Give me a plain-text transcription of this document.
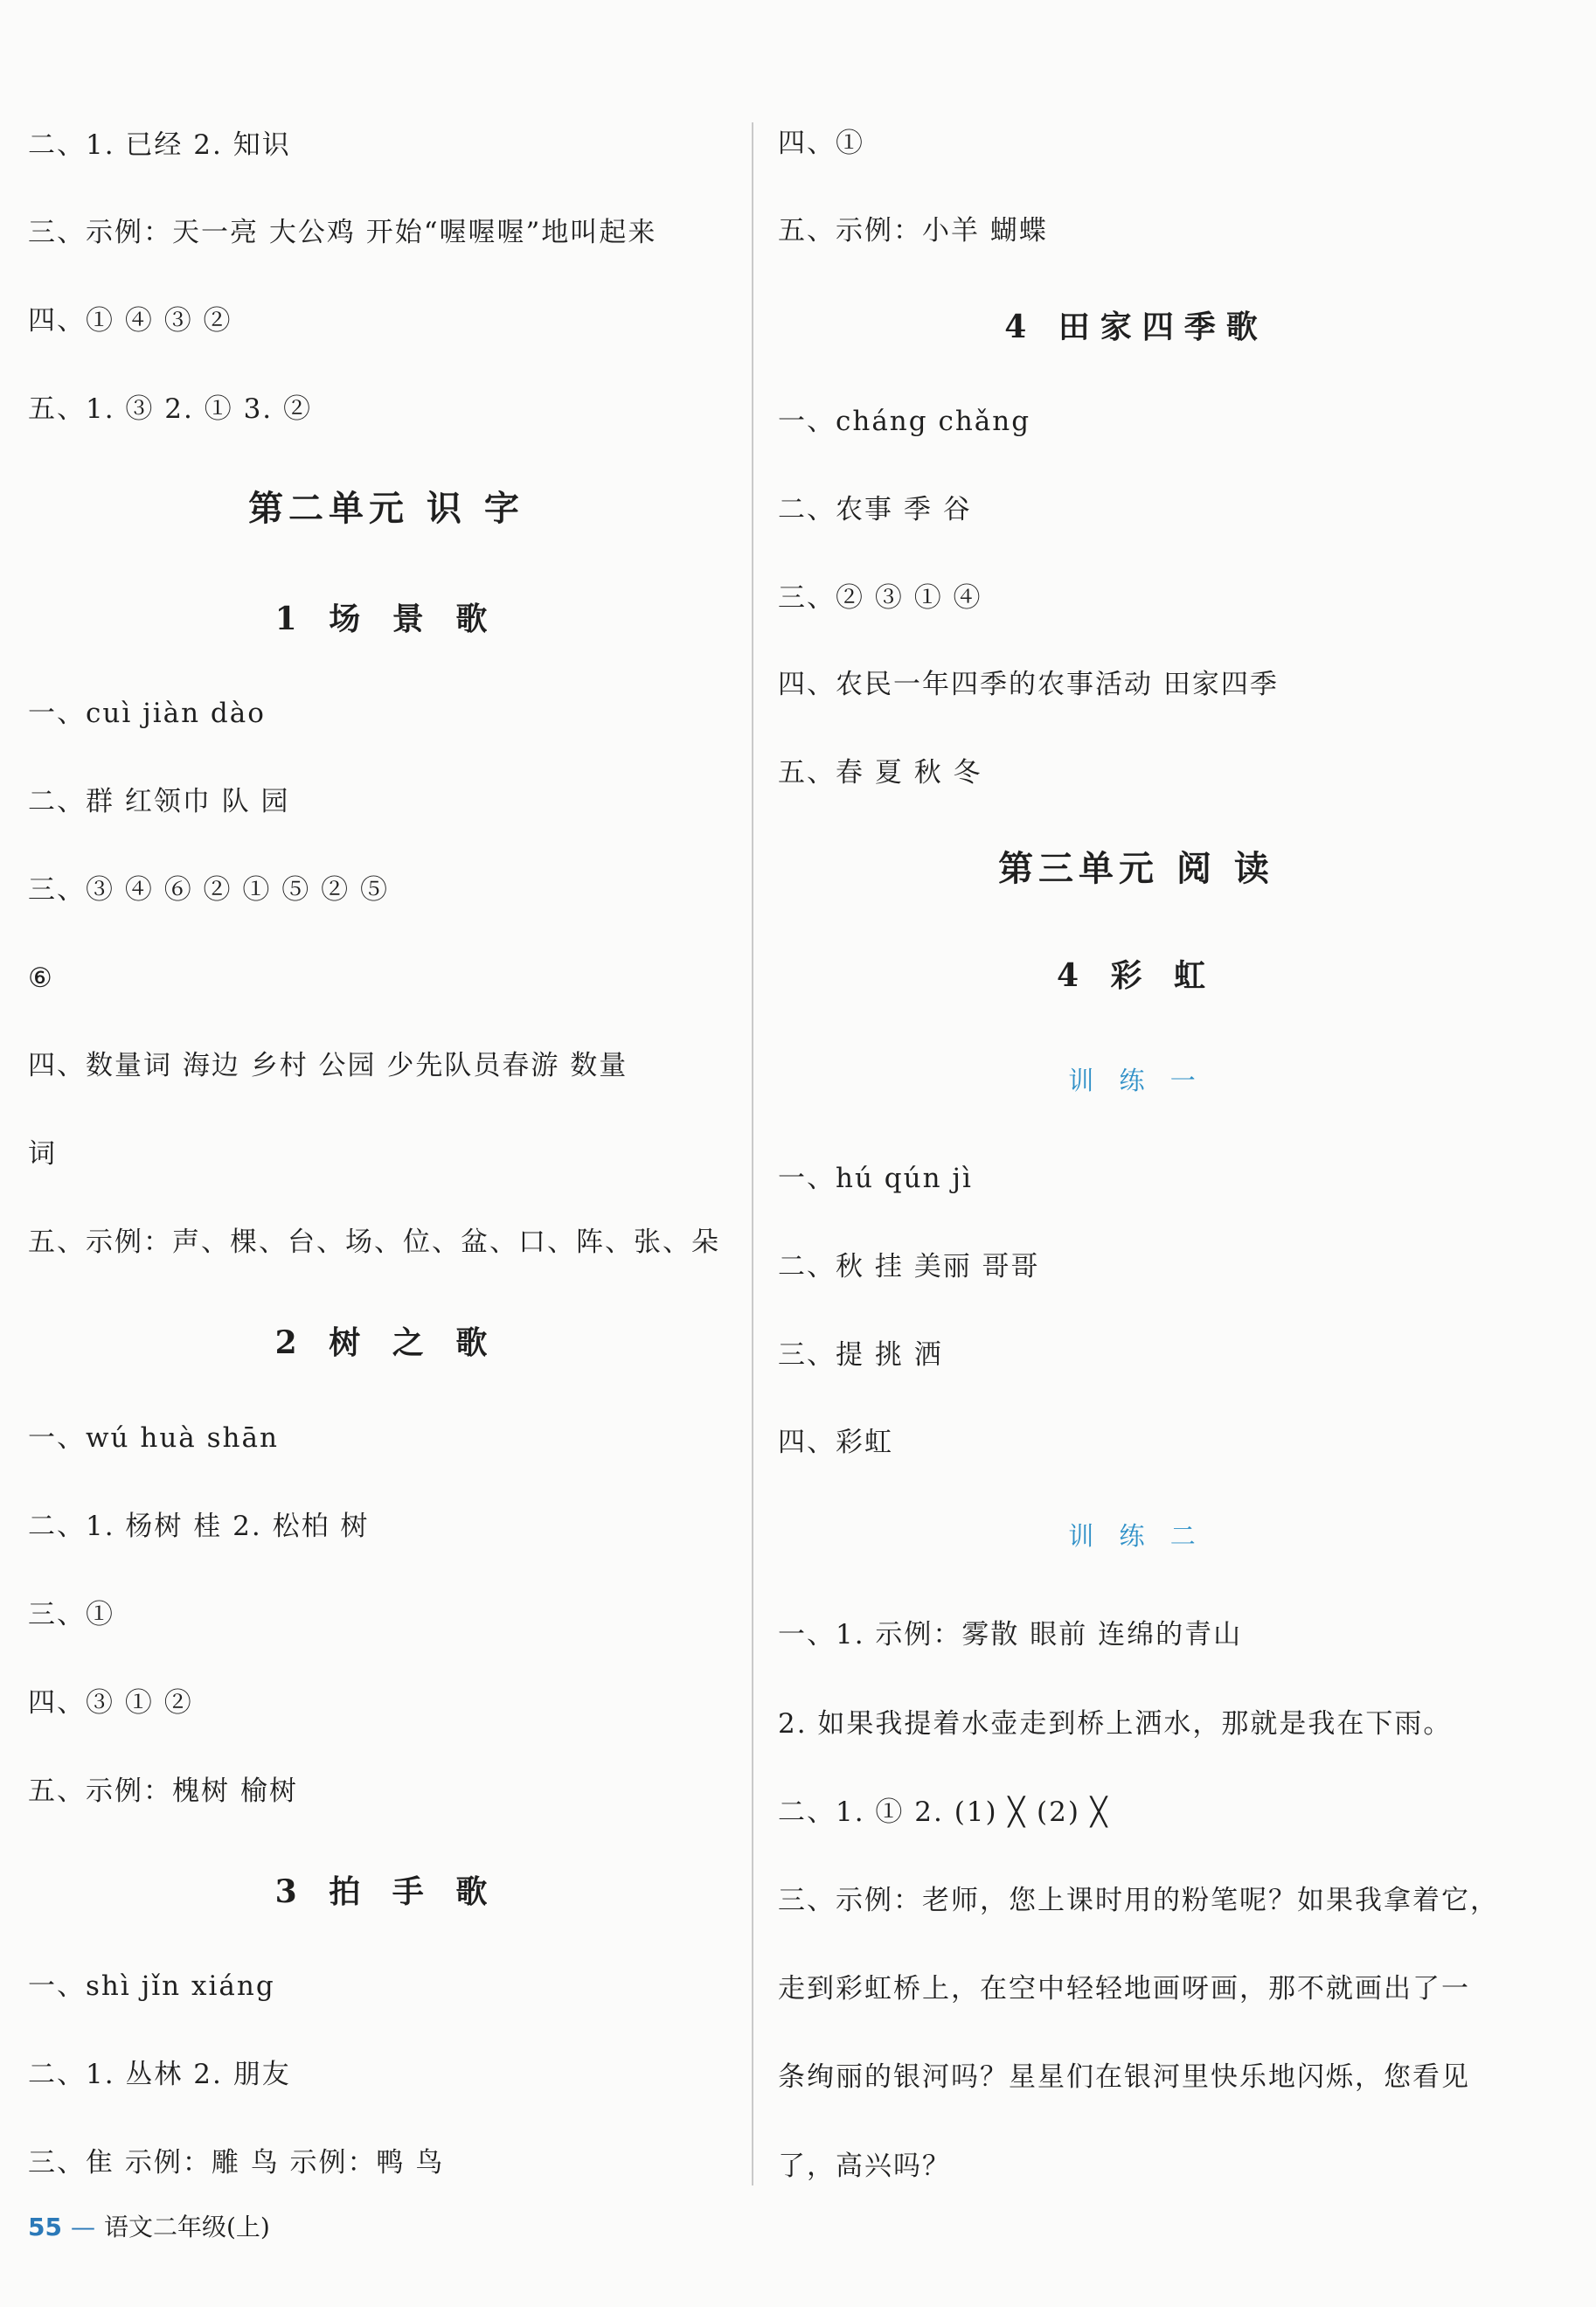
二、1. 已经 2. 知识
三、示例：天一亮 大公鸡 开始“喔喔喔”地叫起来
四、① ④ ③ ②
五、1. ③ 2. ① 3. ②
第二单元 识 字
1 场 景 歌
一、cuì jiàn dào
二、群 红领巾 队 园
三、③ ④ ⑥ ② ① ⑤ ② ⑤
⑥
四、数量词 海边 乡村 公园 少先队员春游 数量
词
五、示例：声、棵、台、场、位、盆、口、阵、张、朵
2 树 之 歌
一、wú huà shān
二、1. 杨树 桂 2. 松柏 树
三、①
四、③ ① ②
五、示例：槐树 榆树
3 拍 手 歌
一、shì jǐn xiáng
二、1. 丛林 2. 朋友
三、隹 示例：雕 鸟 示例：鸭 鸟
55 — 语文二年级(上)
四、①
五、示例：小羊 蝴蝶
4 田家四季歌
一、cháng chǎng
二、农事 季 谷
三、② ③ ① ④
四、农民一年四季的农事活动 田家四季
五、春 夏 秋 冬
第三单元 阅 读
4 彩 虹
训 练 一
一、hú qún jì
二、秋 挂 美丽 哥哥
三、提 挑 洒
四、彩虹
训 练 二
一、1. 示例：雾散 眼前 连绵的青山
2. 如果我提着水壶走到桥上洒水，那就是我在下雨。
二、1. ① 2. (1) ╳ (2) ╳
三、示例：老师，您上课时用的粉笔呢？如果我拿着它，
走到彩虹桥上，在空中轻轻地画呀画，那不就画出了一
条绚丽的银河吗？星星们在银河里快乐地闪烁，您看见
了，高兴吗？
